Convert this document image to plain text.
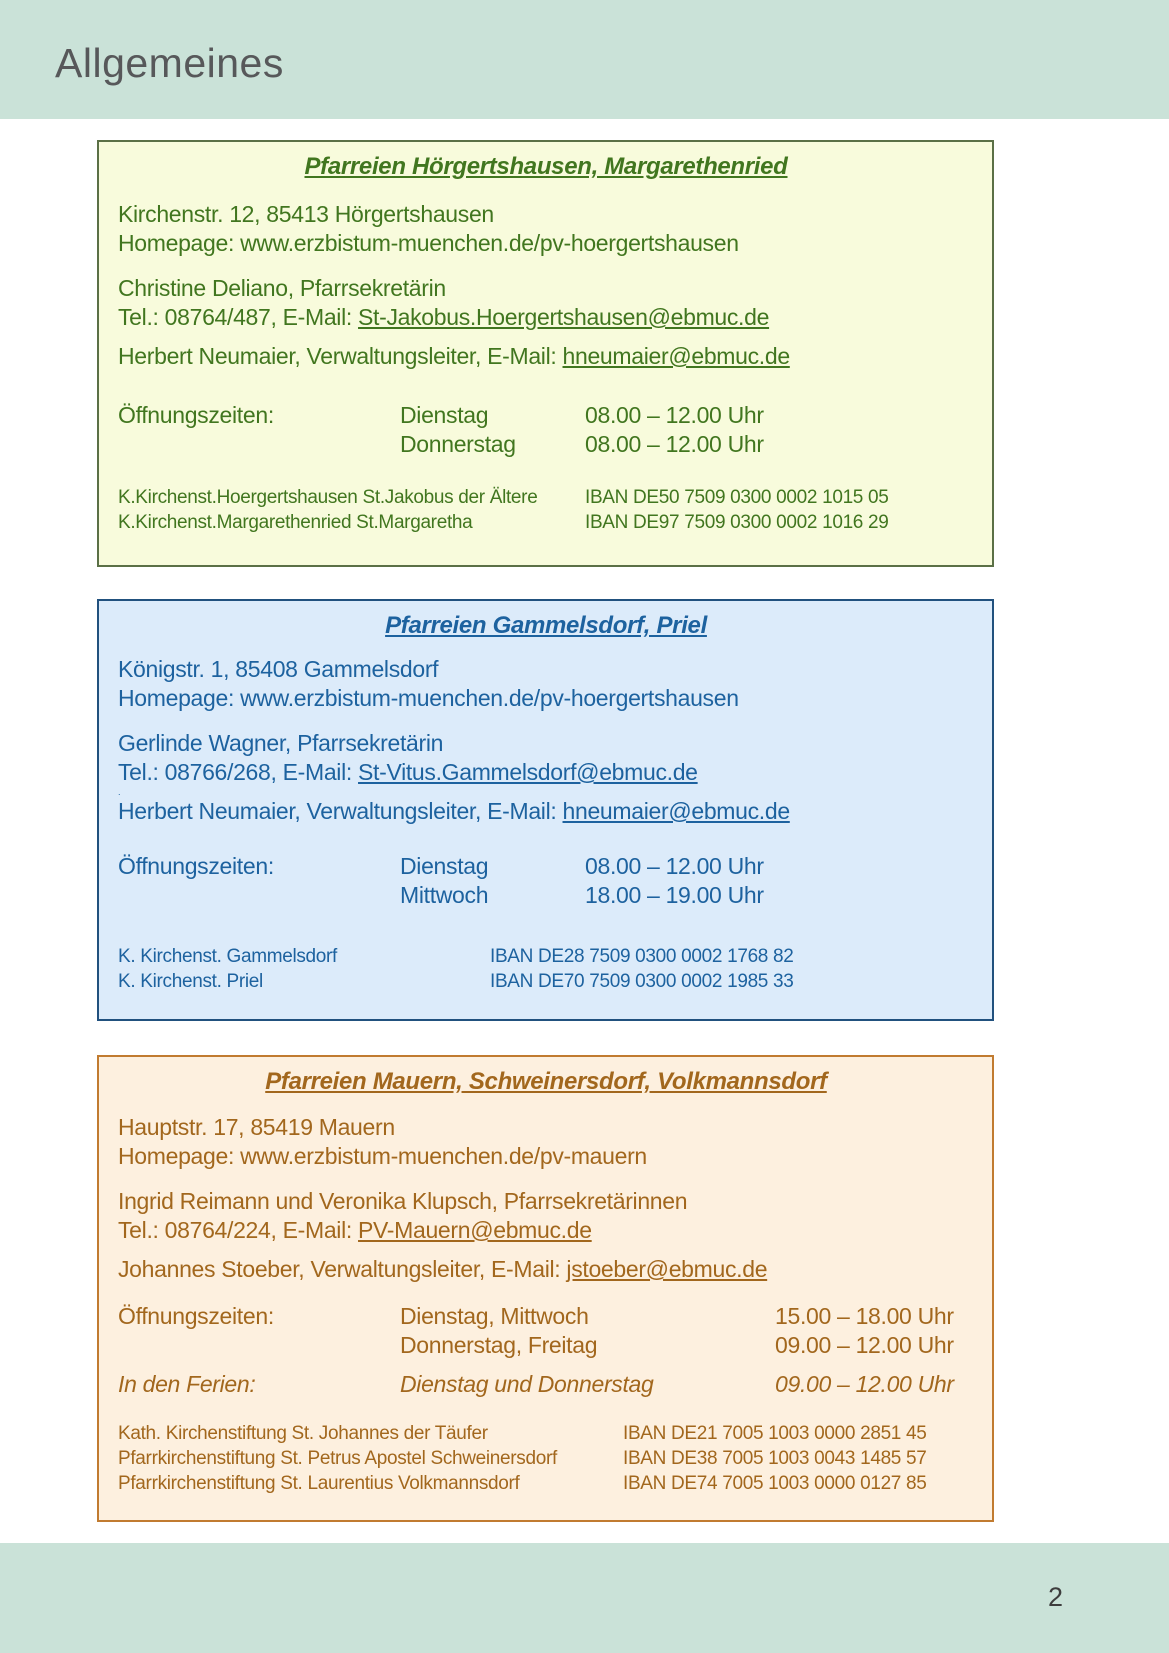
Allgemeines
Pfarreien Hörgertshausen, Margarethenried

Kirchenstr. 12, 85413 Hörgertshausen

Homepage: www.erzbistum-muenchen.de/pv-hoergertshausen

Christine Deliano, Pfarrsekretärin

Tel.: 08764/487, E-Mail: St-Jakobus.Hoergertshausen@ebmuc.de

Herbert Neumaier, Verwaltungsleiter, E-Mail: hneumaier@ebmuc.de

Öffnungszeiten:	Dienstag	08.00 – 12.00 Uhr
Donnerstag	08.00 – 12.00 Uhr
K.Kirchenst.Hoergertshausen St.Jakobus der Ältere	IBAN DE50 7509 0300 0002 1015 05
K.Kirchenst.Margarethenried St.Margaretha	IBAN DE97 7509 0300 0002 1016 29
Pfarreien Gammelsdorf, Priel

Königstr. 1, 85408 Gammelsdorf

Homepage: www.erzbistum-muenchen.de/pv-hoergertshausen

Gerlinde Wagner, Pfarrsekretärin

Tel.: 08766/268, E-Mail: St-Vitus.Gammelsdorf@ebmuc.de

.

Herbert Neumaier, Verwaltungsleiter, E-Mail: hneumaier@ebmuc.de

Öffnungszeiten:	Dienstag	08.00 – 12.00 Uhr
Mittwoch	18.00 – 19.00 Uhr
K. Kirchenst. Gammelsdorf	IBAN DE28 7509 0300 0002 1768 82
K. Kirchenst. Priel	IBAN DE70 7509 0300 0002 1985 33
Pfarreien Mauern, Schweinersdorf, Volkmannsdorf

Hauptstr. 17, 85419 Mauern

Homepage: www.erzbistum-muenchen.de/pv-mauern

Ingrid Reimann und Veronika Klupsch, Pfarrsekretärinnen

Tel.: 08764/224, E-Mail: PV-Mauern@ebmuc.de

Johannes Stoeber, Verwaltungsleiter, E-Mail: jstoeber@ebmuc.de

Öffnungszeiten:	Dienstag, Mittwoch	15.00 – 18.00 Uhr
Donnerstag, Freitag	09.00 – 12.00 Uhr
In den Ferien:	Dienstag und Donnerstag	09.00 – 12.00 Uhr
Kath. Kirchenstiftung St. Johannes der Täufer	IBAN DE21 7005 1003 0000 2851 45
Pfarrkirchenstiftung St. Petrus Apostel Schweinersdorf	IBAN DE38 7005 1003 0043 1485 57
Pfarrkirchenstiftung St. Laurentius Volkmannsdorf	IBAN DE74 7005 1003 0000 0127 85
2
